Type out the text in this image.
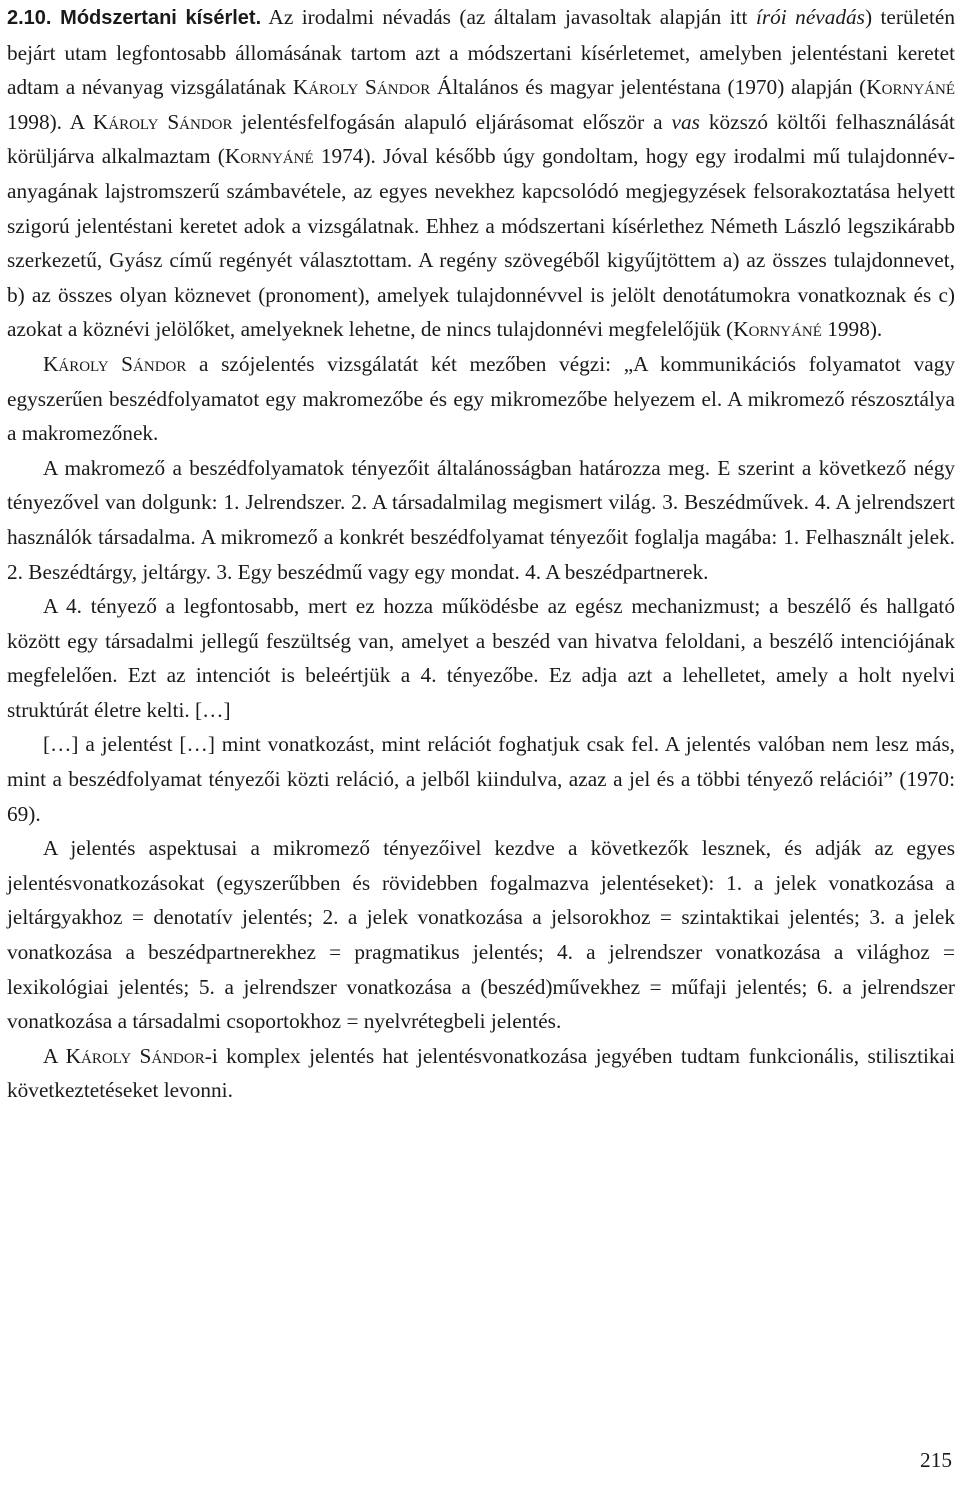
2.10. Módszertani kísérlet. Az irodalmi névadás (az általam javasoltak alapján itt írói névadás) területén bejárt utam legfontosabb állomásának tartom azt a módszertani kísérletemet, amelyben jelentéstani keretet adtam a névanyag vizsgálatának Károly Sándor Általános és magyar jelentéstana (1970) alapján (Kornyáné 1998). A Károly Sándor jelentésfelfogásán alapuló eljárásomat először a vas közszó költői felhasználását körüljárva alkalmaztam (Kornyáné 1974). Jóval később úgy gondoltam, hogy egy irodalmi mű tulajdonnév-anyagának lajstromszerű számbavétele, az egyes nevekhez kapcsolódó megjegyzések felsorakoztatása helyett szigorú jelentéstani keretet adok a vizsgálatnak. Ehhez a módszertani kísérlethez Németh László legszikárabb szerkezetű, Gyász című regényét választottam. A regény szövegéből kigyűjtöttem a) az összes tulajdonnevet, b) az összes olyan köznevet (pronoment), amelyek tulajdonnévvel is jelölt denotátumokra vonatkoznak és c) azokat a köznévi jelölőket, amelyeknek lehetne, de nincs tulajdonnévi megfelelőjük (Kornyáné 1998).

Károly Sándor a szójelentés vizsgálatát két mezőben végzi: „A kommunikációs folyamatot vagy egyszerűen beszédfolyamatot egy makromezőbe és egy mikromezőbe helyezem el. A mikromező részosztálya a makromezőnek.

A makromező a beszédfolyamatok tényezőit általánosságban határozza meg. E szerint a következő négy tényezővel van dolgunk: 1. Jelrendszer. 2. A társadalmilag megismert világ. 3. Beszédművek. 4. A jelrendszert használók társadalma. A mikromező a konkrét beszédfolyamat tényezőit foglalja magába: 1. Felhasznált jelek. 2. Beszédtárgy, jeltárgy. 3. Egy beszédmű vagy egy mondat. 4. A beszédpartnerek.

A 4. tényező a legfontosabb, mert ez hozza működésbe az egész mechanizmust; a beszélő és hallgató között egy társadalmi jellegű feszültség van, amelyet a beszéd van hivatva feloldani, a beszélő intenciójának megfelelően. Ezt az intenciót is beleértjük a 4. tényezőbe. Ez adja azt a lehelletet, amely a holt nyelvi struktúrát életre kelti. […]

[…] a jelentést […] mint vonatkozást, mint relációt foghatjuk csak fel. A jelentés valóban nem lesz más, mint a beszédfolyamat tényezői közti reláció, a jelből kiindulva, azaz a jel és a többi tényező relációi” (1970: 69).

A jelentés aspektusai a mikromező tényezőivel kezdve a következők lesznek, és adják az egyes jelentésvonatkozásokat (egyszerűbben és rövidebben fogalmazva jelentéseket): 1. a jelek vonatkozása a jeltárgyakhoz = denotatív jelentés; 2. a jelek vonatkozása a jelsorokhoz = szintaktikai jelentés; 3. a jelek vonatkozása a beszédpartnerekhez = pragmatikus jelentés; 4. a jelrendszer vonatkozása a világhoz = lexikológiai jelentés; 5. a jelrendszer vonatkozása a (beszéd)művekhez = műfaji jelentés; 6. a jelrendszer vonatkozása a társadalmi csoportokhoz = nyelvrétegbeli jelentés.

A Károly Sándor-i komplex jelentés hat jelentésvonatkozása jegyében tudtam funkcionális, stilisztikai következtetéseket levonni.

215
